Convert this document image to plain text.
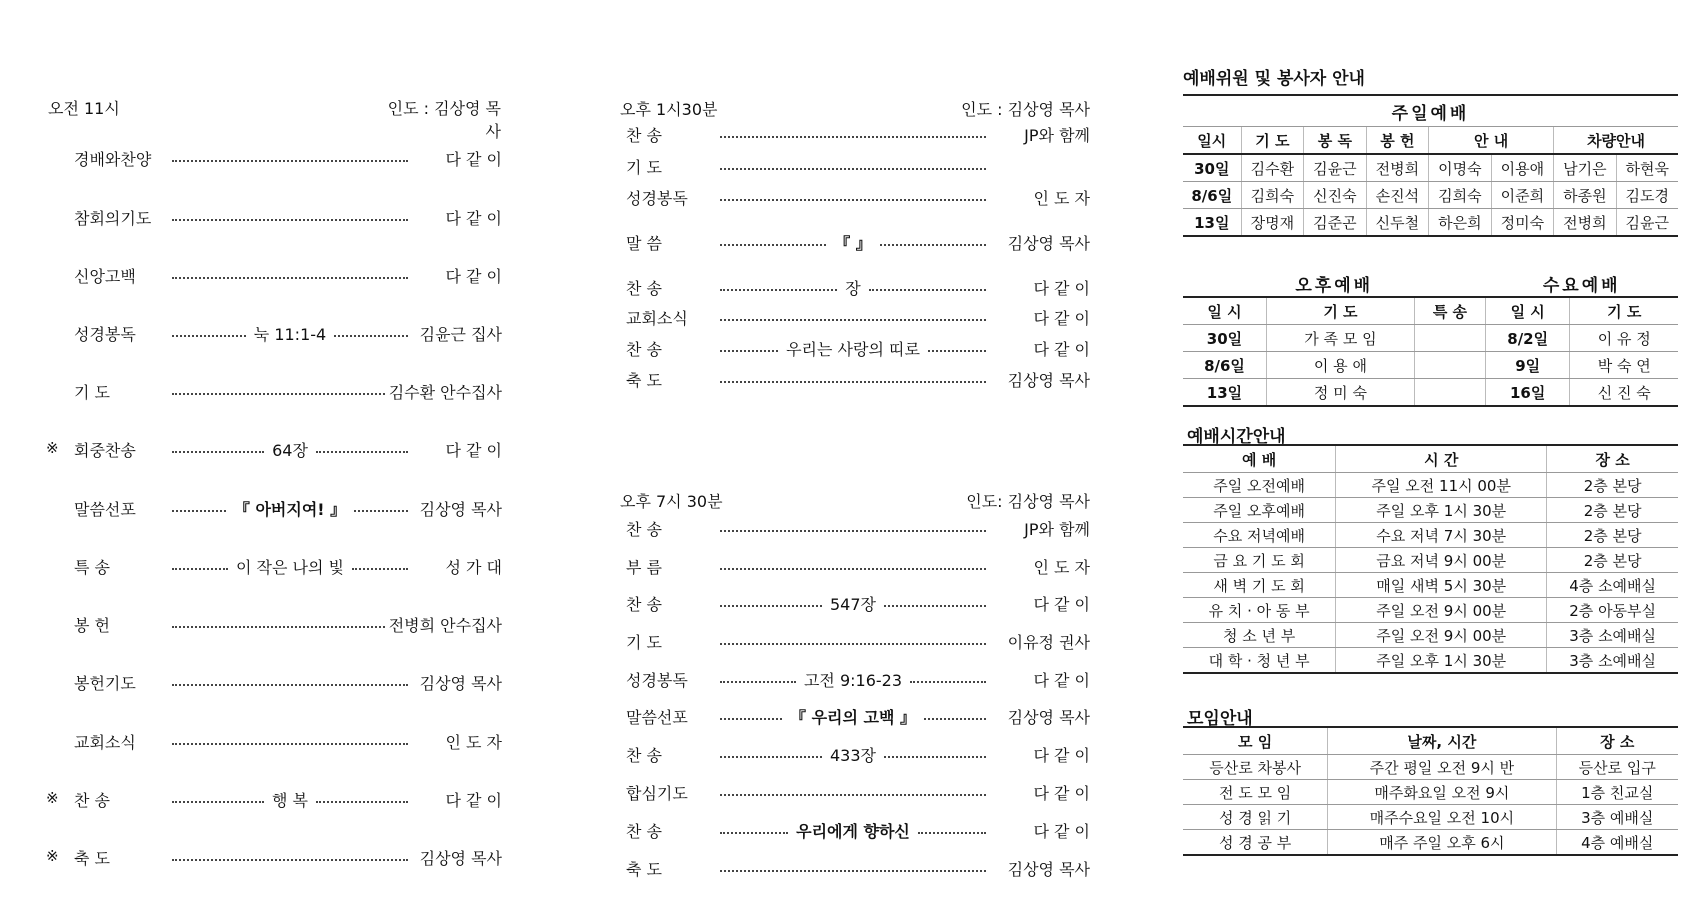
오전 11시	인도 : 김상영 목사
경배와찬양	다 같 이
참회의기도	다 같 이
신앙고백	다 같 이
성경봉독	눅 11:1-4	김윤근 집사
기 도	김수환 안수집사
※ 회중찬송	64장	다 같 이
말씀선포	『 아버지여! 』	김상영 목사
특 송	이 작은 나의 빛	성 가 대
봉 헌	전병희 안수집사
봉헌기도	김상영 목사
교회소식	인 도 자
※ 찬 송	행 복	다 같 이
※ 축 도	김상영 목사
오후 1시30분	인도 : 김상영 목사
찬 송	JP와 함께
기 도
성경봉독	인 도 자
말 씀	『 』	김상영 목사
찬 송	장	다 같 이
교회소식	다 같 이
찬 송	우리는 사랑의 띠로	다 같 이
축 도	김상영 목사
오후 7시 30분	인도: 김상영 목사
찬 송	JP와 함께
부 름	인 도 자
찬 송	547장	다 같 이
기 도	이유정 권사
성경봉독	고전 9:16-23	다 같 이
말씀선포	『 우리의 고백 』	김상영 목사
찬 송	433장	다 같 이
합심기도	다 같 이
찬 송	우리에게 향하신	다 같 이
축 도	김상영 목사
예배위원 및 봉사자 안내
주일예배							
일시	기 도	봉 독	봉 헌	안 내		차량안내	
30일	김수환	김윤근	전병희	이명숙	이용애	남기은	하현욱
8/6일	김희숙	신진숙	손진석	김희숙	이준희	하종원	김도경
13일	장명재	김준곤	신두철	하은희	정미숙	전병희	김윤근
오후예배			수요예배	
일 시	기 도	특 송	일 시	기 도
30일	가 족 모 임		8/2일	이 유 정
8/6일	이 용 애		9일	박 숙 연
13일	정 미 숙		16일	신 진 숙
예배시간안내
예 배	시 간	장 소
주일 오전예배	주일 오전 11시 00분	2층 본당
주일 오후예배	주일 오후 1시 30분	2층 본당
수요 저녁예배	수요 저녁 7시 30분	2층 본당
금 요 기 도 회	금요 저녁 9시 00분	2층 본당
새 벽 기 도 회	매일 새벽 5시 30분	4층 소예배실
유 치 · 아 동 부	주일 오전 9시 00분	2층 아동부실
청 소 년 부	주일 오전 9시 00분	3층 소예배실
대 학 · 청 년 부	주일 오후 1시 30분	3층 소예배실
모임안내
모 임	날짜, 시간	장 소
등산로 차봉사	주간 평일 오전 9시 반	등산로 입구
전 도 모 임	매주화요일 오전 9시	1층 친교실
성 경 읽 기	매주수요일 오전 10시	3층 예배실
성 경 공 부	매주 주일 오후 6시	4층 예배실
